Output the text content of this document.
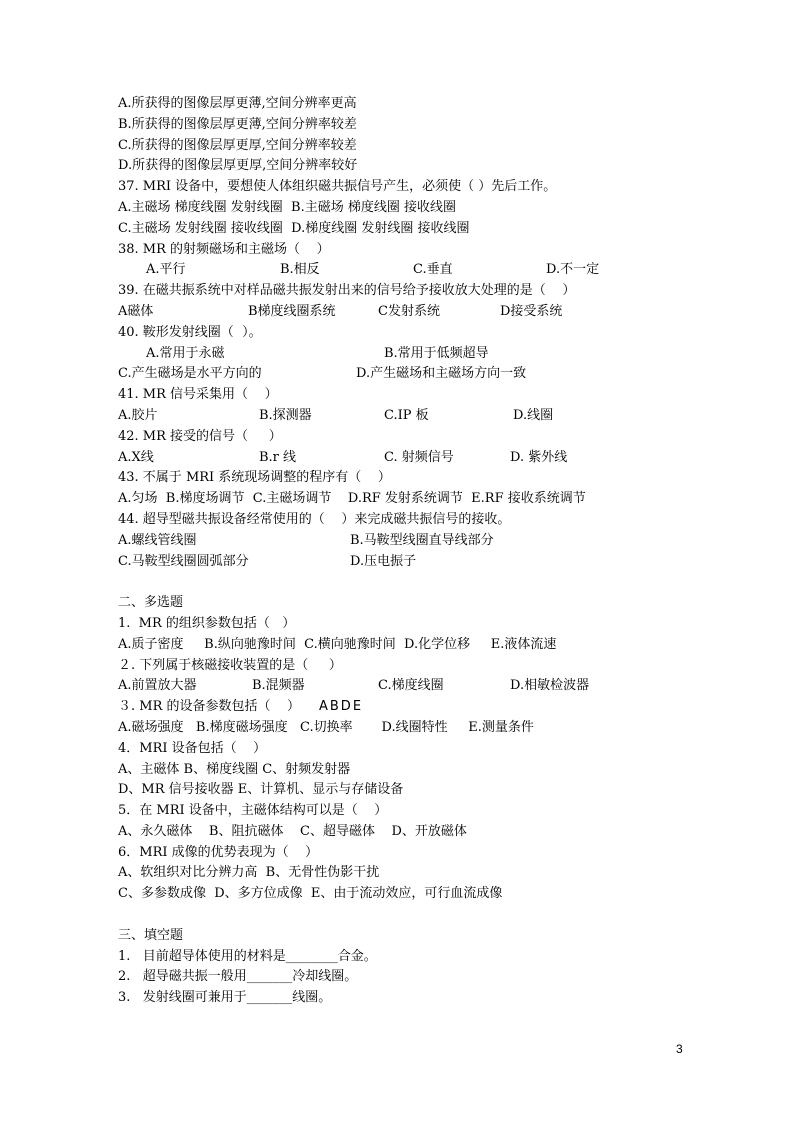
A.所获得的图像层厚更薄,空间分辨率更高
B.所获得的图像层厚更薄,空间分辨率较差
C.所获得的图像层厚更厚,空间分辨率较差
D.所获得的图像层厚更厚,空间分辨率较好
37. MRI 设备中，要想使人体组织磁共振信号产生，必须使（ ）先后工作。
A.主磁场 梯度线圈 发射线圈  B.主磁场 梯度线圈 接收线圈
C.主磁场 发射线圈 接收线圈  D.梯度线圈 发射线圈 接收线圈
38. MR 的射频磁场和主磁场（    ）

A.平行

	B.相反

	C.垂直

	D.不一定

39. 在磁共振系统中对样品磁共振发射出来的信号给予接收放大处理的是（    ）

A磁体

	B梯度线圈系统

	C发射系统

	D接受系统

40. 鞍形发射线圈（  ）。

A.常用于永磁

	B.常用于低频超导

C.产生磁场是水平方向的

	D.产生磁场和主磁场方向一致

41. MR 信号采集用（    ）

A.胶片

	B.探测器

	C.IP 板

	D.线圈

42. MR 接受的信号（     ）

A.X线

	B.r 线

	C. 射频信号

	D. 紫外线

43. 不属于 MRI 系统现场调整的程序有（    ）
A.匀场  B.梯度场调节  C.主磁场调节    D.RF 发射系统调节  E.RF 接收系统调节
44. 超导型磁共振设备经常使用的（    ）来完成磁共振信号的接收。

A.螺线管线圈

	B.马鞍型线圈直导线部分

C.马鞍型线圈圆弧部分

	D.压电振子

二、多选题
1.  MR 的组织参数包括（   ）
A.质子密度     B.纵向驰豫时间  C.横向驰豫时间  D.化学位移     E.液体流速
２. 下列属于核磁接收装置的是（     ）

A.前置放大器

	B.混频器

	C.梯度线圈

	D.相敏检波器

３. MR 的设备参数包括（    ）

ABDE

A.磁场强度   B.梯度磁场强度   C.切换率       D.线圈特性     E.测量条件
4．MRI 设备包括（    ）
A、主磁体 B、梯度线圈 C、射频发射器
D、MR 信号接收器 E、计算机、显示与存储设备
5．在 MRI 设备中，主磁体结构可以是（    ）
A、永久磁体    B、阻抗磁体    C、超导磁体    D、开放磁体
6．MRI 成像的优势表现为（    ）
A、软组织对比分辨力高  B、无骨性伪影干扰
C、多参数成像  D、多方位成像  E、由于流动效应，可行血流成像
三、填空题
1.   目前超导体使用的材料是________合金。
2.   超导磁共振一般用_______冷却线圈。
3.   发射线圈可兼用于_______线圈。
3
